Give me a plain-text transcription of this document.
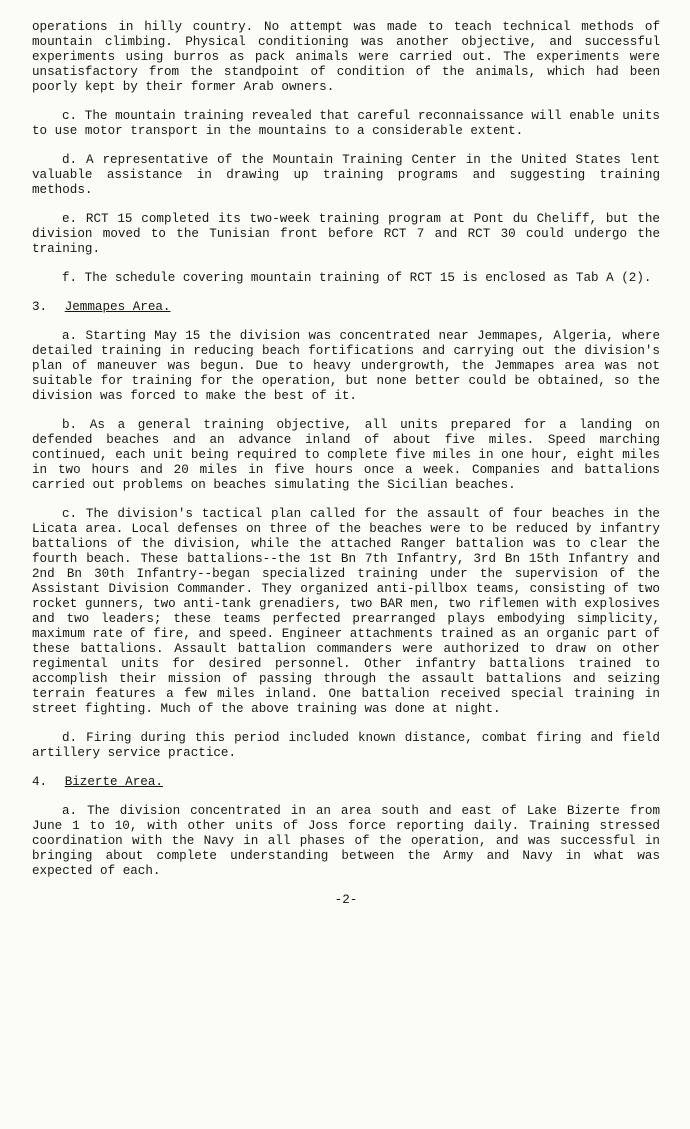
operations in hilly country. No attempt was made to teach technical methods of mountain climbing. Physical conditioning was another objective, and successful experiments using burros as pack animals were carried out. The experiments were unsatisfactory from the standpoint of condition of the animals, which had been poorly kept by their former Arab owners.

c. The mountain training revealed that careful reconnaissance will enable units to use motor transport in the mountains to a considerable extent.

d. A representative of the Mountain Training Center in the United States lent valuable assistance in drawing up training programs and suggesting training methods.

e. RCT 15 completed its two-week training program at Pont du Cheliff, but the division moved to the Tunisian front before RCT 7 and RCT 30 could undergo the training.

f. The schedule covering mountain training of RCT 15 is enclosed as Tab A (2).

3. Jemmapes Area.

a. Starting May 15 the division was concentrated near Jemmapes, Algeria, where detailed training in reducing beach fortifications and carrying out the division's plan of maneuver was begun. Due to heavy undergrowth, the Jemmapes area was not suitable for training for the operation, but none better could be obtained, so the division was forced to make the best of it.

b. As a general training objective, all units prepared for a landing on defended beaches and an advance inland of about five miles. Speed marching continued, each unit being required to complete five miles in one hour, eight miles in two hours and 20 miles in five hours once a week. Companies and battalions carried out problems on beaches simulating the Sicilian beaches.

c. The division's tactical plan called for the assault of four beaches in the Licata area. Local defenses on three of the beaches were to be reduced by infantry battalions of the division, while the attached Ranger battalion was to clear the fourth beach. These battalions--the 1st Bn 7th Infantry, 3rd Bn 15th Infantry and 2nd Bn 30th Infantry--began specialized training under the supervision of the Assistant Division Commander. They organized anti-pillbox teams, consisting of two rocket gunners, two anti-tank grenadiers, two BAR men, two riflemen with explosives and two leaders; these teams perfected prearranged plays embodying simplicity, maximum rate of fire, and speed. Engineer attachments trained as an organic part of these battalions. Assault battalion commanders were authorized to draw on other regimental units for desired personnel. Other infantry battalions trained to accomplish their mission of passing through the assault battalions and seizing terrain features a few miles inland. One battalion received special training in street fighting. Much of the above training was done at night.

d. Firing during this period included known distance, combat firing and field artillery service practice.

4. Bizerte Area.

a. The division concentrated in an area south and east of Lake Bizerte from June 1 to 10, with other units of Joss force reporting daily. Training stressed coordination with the Navy in all phases of the operation, and was successful in bringing about complete understanding between the Army and Navy in what was expected of each.

-2-
